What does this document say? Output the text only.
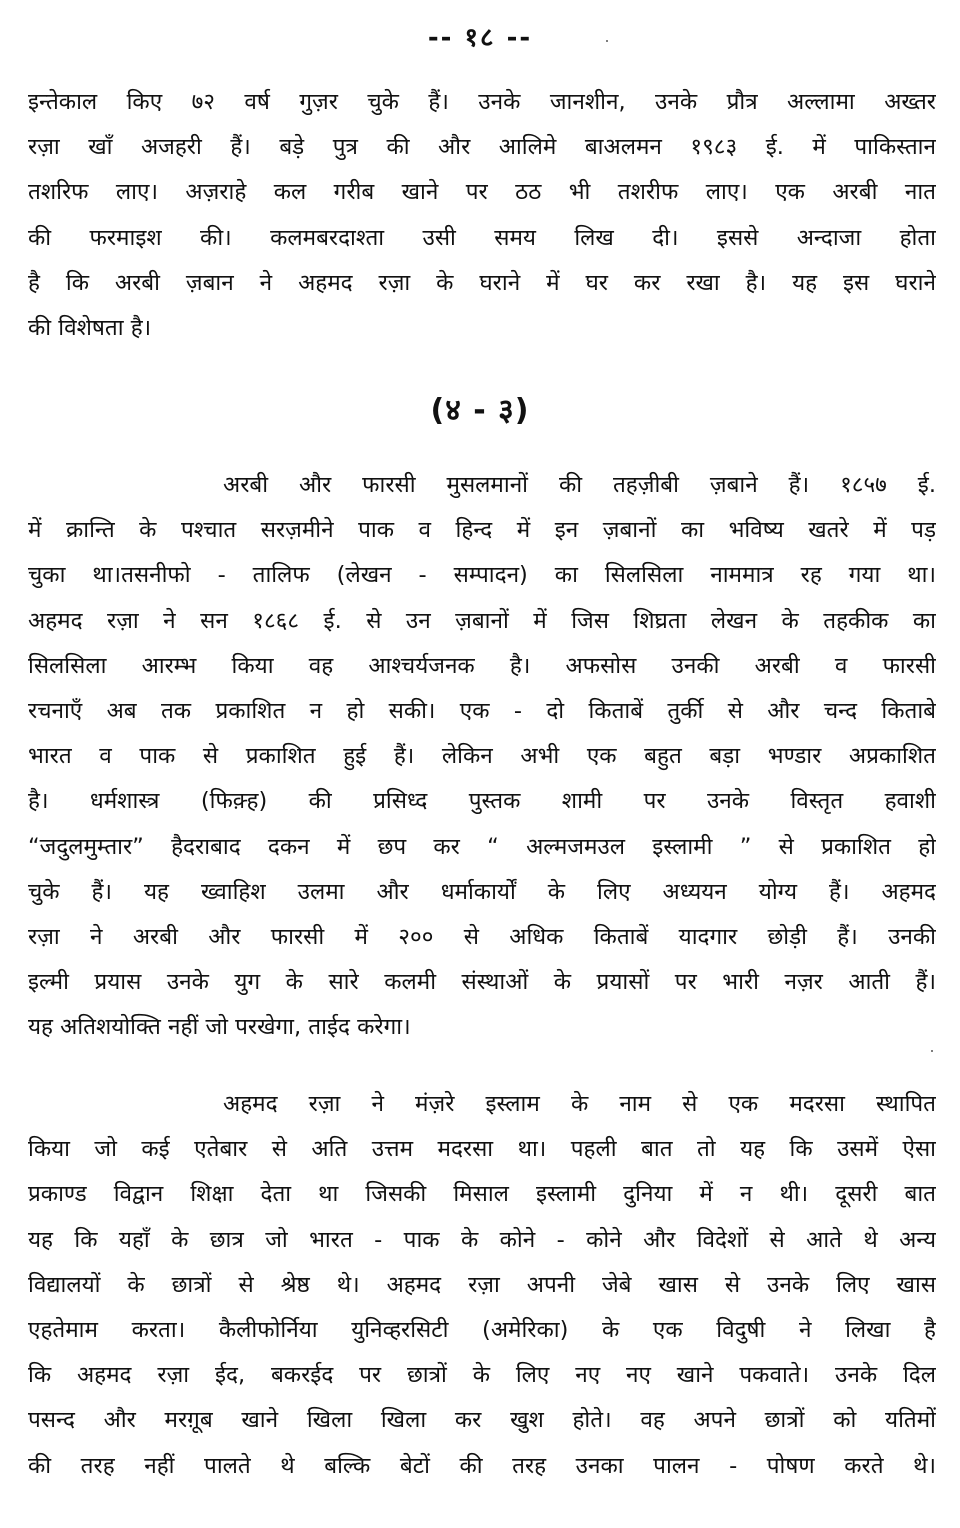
-- १८ --
इन्तेकाल किए ७२ वर्ष गुज़र चुके हैं। उनके जानशीन, उनके प्रौत्र अल्लामा अख्तर
रज़ा खाँ अजहरी हैं। बड़े पुत्र की और आलिमे बाअलमन १९८३ ई. में पाकिस्तान
तशरिफ लाए। अज़राहे कल गरीब खाने पर ठठ भी तशरीफ लाए। एक अरबी नात
की फरमाइश की। कलमबरदाश्ता उसी समय लिख दी। इससे अन्दाजा होता
है कि अरबी ज़बान ने अहमद रज़ा के घराने में घर कर रखा है। यह इस घराने
की विशेषता है।
(४ - ३)
अरबी और फारसी मुसलमानों की तहज़ीबी ज़बाने हैं। १८५७ ई.
में क्रान्ति के पश्चात सरज़मीने पाक व हिन्द में इन ज़बानों का भविष्य खतरे में पड़
चुका था।तसनीफो - तालिफ (लेखन - सम्पादन) का सिलसिला नाममात्र रह गया था।
अहमद रज़ा ने सन १८६८ ई. से उन ज़बानों में जिस शिघ्रता लेखन के तहकीक का
सिलसिला आरम्भ किया वह आश्चर्यजनक है। अफसोस उनकी अरबी व फारसी
रचनाएँ अब तक प्रकाशित न हो सकी। एक - दो किताबें तुर्की से और चन्द किताबे
भारत व पाक से प्रकाशित हुई हैं। लेकिन अभी एक बहुत बड़ा भण्डार अप्रकाशित
है। धर्मशास्त्र (फिक़्ह) की प्रसिध्द पुस्तक शामी पर उनके विस्तृत हवाशी
“जदुलमुम्तार” हैदराबाद दकन में छप कर “ अल्मजमउल इस्लामी ” से प्रकाशित हो
चुके हैं। यह ख्वाहिश उलमा और धर्माकार्यों के लिए अध्ययन योग्य हैं। अहमद
रज़ा ने अरबी और फारसी में २०० से अधिक किताबें यादगार छोड़ी हैं। उनकी
इल्मी प्रयास उनके युग के सारे कलमी संस्थाओं के प्रयासों पर भारी नज़र आती हैं।
यह अतिशयोक्ति नहीं जो परखेगा, ताईद करेगा।
अहमद रज़ा ने मंज़रे इस्लाम के नाम से एक मदरसा स्थापित
किया जो कई एतेबार से अति उत्तम मदरसा था। पहली बात तो यह कि उसमें ऐसा
प्रकाण्ड विद्वान शिक्षा देता था जिसकी मिसाल इस्लामी दुनिया में न थी। दूसरी बात
यह कि यहाँ के छात्र जो भारत - पाक के कोने - कोने और विदेशों से आते थे अन्य
विद्यालयों के छात्रों से श्रेष्ठ थे। अहमद रज़ा अपनी जेबे खास से उनके लिए खास
एहतेमाम करता। कैलीफोर्निया युनिव्हरसिटी (अमेरिका) के एक विदुषी ने लिखा है
कि अहमद रज़ा ईद, बकरईद पर छात्रों के लिए नए नए खाने पकवाते। उनके दिल
पसन्द और मरग़ूब खाने खिला खिला कर खुश होते। वह अपने छात्रों को यतिमों
की तरह नहीं पालते थे बल्कि बेटों की तरह उनका पालन - पोषण करते थे।
